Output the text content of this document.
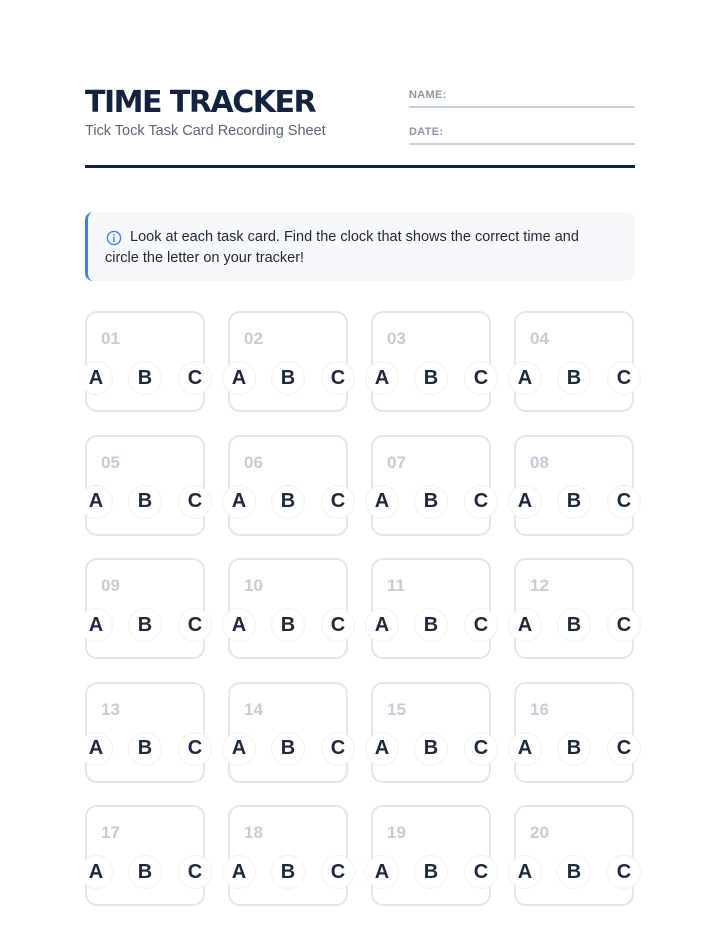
TIME TRACKER
Tick Tock Task Card Recording Sheet
NAME:
DATE:
Look at each task card. Find the clock that shows the correct time and circle the letter on your tracker!
01
A	B	C
02
A	B	C
03
A	B	C
04
A	B	C
05
A	B	C
06
A	B	C
07
A	B	C
08
A	B	C
09
A	B	C
10
A	B	C
11
A	B	C
12
A	B	C
13
A	B	C
14
A	B	C
15
A	B	C
16
A	B	C
17
A	B	C
18
A	B	C
19
A	B	C
20
A	B	C
